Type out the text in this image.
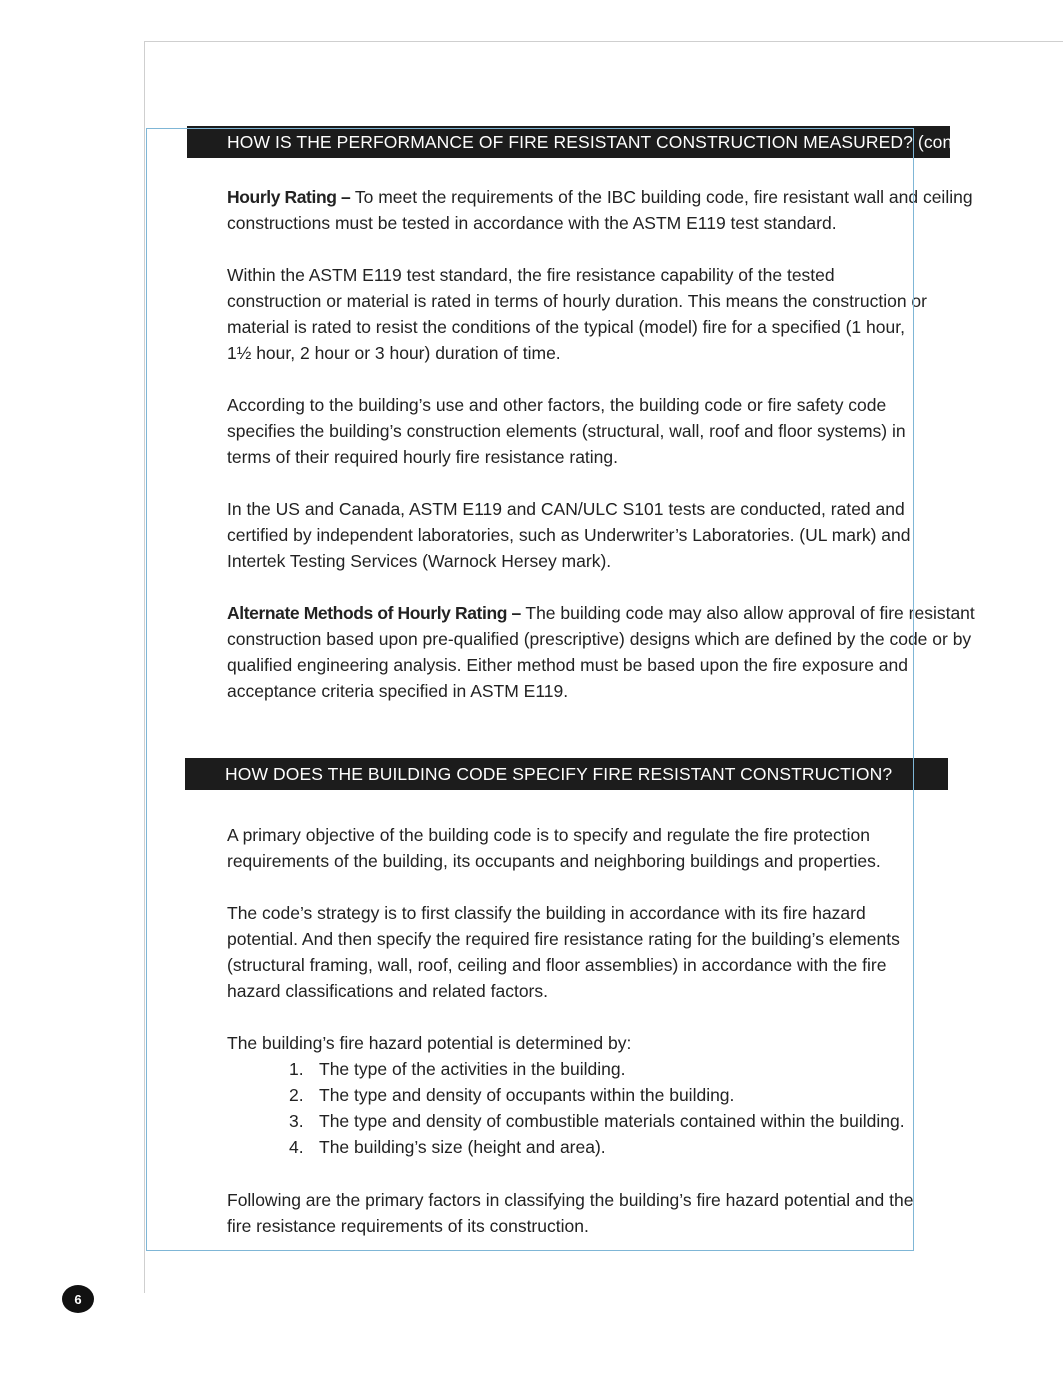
HOW IS THE PERFORMANCE OF FIRE RESISTANT CONSTRUCTION MEASURED? (cont.)

Hourly Rating – To meet the requirements of the IBC building code, fire resistant wall and ceiling constructions must be tested in accordance with the ASTM E119 test standard.

Within the ASTM E119 test standard, the fire resistance capability of the tested
construction or material is rated in terms of hourly duration. This means the construction or
material is rated to resist the conditions of the typical (model) fire for a specified (1 hour,
1½ hour, 2 hour or 3 hour) duration of time.

According to the building’s use and other factors, the building code or fire safety code
specifies the building’s construction elements (structural, wall, roof and floor systems) in
terms of their required hourly fire resistance rating.

In the US and Canada, ASTM E119 and CAN/ULC S101 tests are conducted, rated and
certified by independent laboratories, such as Underwriter’s Laboratories. (UL mark) and
Intertek Testing Services (Warnock Hersey mark).

Alternate Methods of Hourly Rating – The building code may also allow approval of fire resistant construction based upon pre-qualified (prescriptive) designs which are defined by the code or by qualified engineering analysis. Either method must be based upon the fire exposure and acceptance criteria specified in ASTM E119.

HOW DOES THE BUILDING CODE SPECIFY FIRE RESISTANT CONSTRUCTION?

A primary objective of the building code is to specify and regulate the fire protection
requirements of the building, its occupants and neighboring buildings and properties.

The code’s strategy is to first classify the building in accordance with its fire hazard
potential. And then specify the required fire resistance rating for the building’s elements
(structural framing, wall, roof, ceiling and floor assemblies) in accordance with the fire
hazard classifications and related factors.

The building’s fire hazard potential is determined by:

1. The type of the activities in the building.
2. The type and density of occupants within the building.
3. The type and density of combustible materials contained within the building.
4. The building’s size (height and area).

Following are the primary factors in classifying the building’s fire hazard potential and the
fire resistance requirements of its construction.

6
